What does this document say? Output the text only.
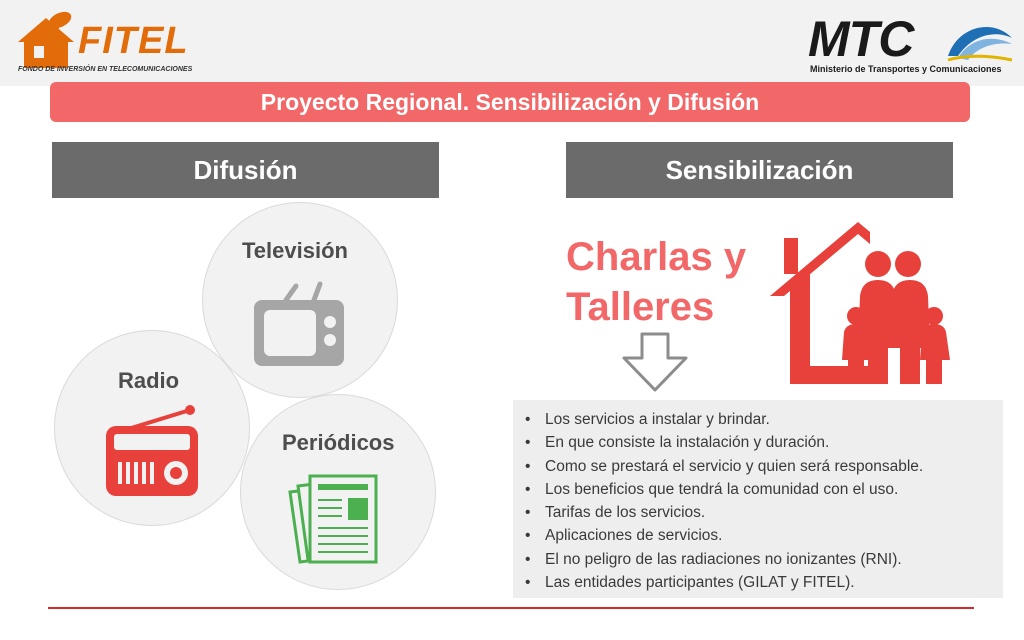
FITEL
FONDO DE INVERSIÓN EN TELECOMUNICACIONES
MTC
Ministerio de Transportes y Comunicaciones
Proyecto Regional. Sensibilización y Difusión
Difusión
Televisión
Radio
Periódicos
Sensibilización
Charlas y
Talleres
• Los servicios a instalar y brindar.
• En que consiste la instalación y duración.
• Como se prestará el servicio y quien será responsable.
• Los beneficios que tendrá la comunidad con el uso.
• Tarifas de los servicios.
• Aplicaciones de servicios.
• El no peligro de las radiaciones no ionizantes (RNI).
• Las entidades participantes (GILAT y FITEL).
